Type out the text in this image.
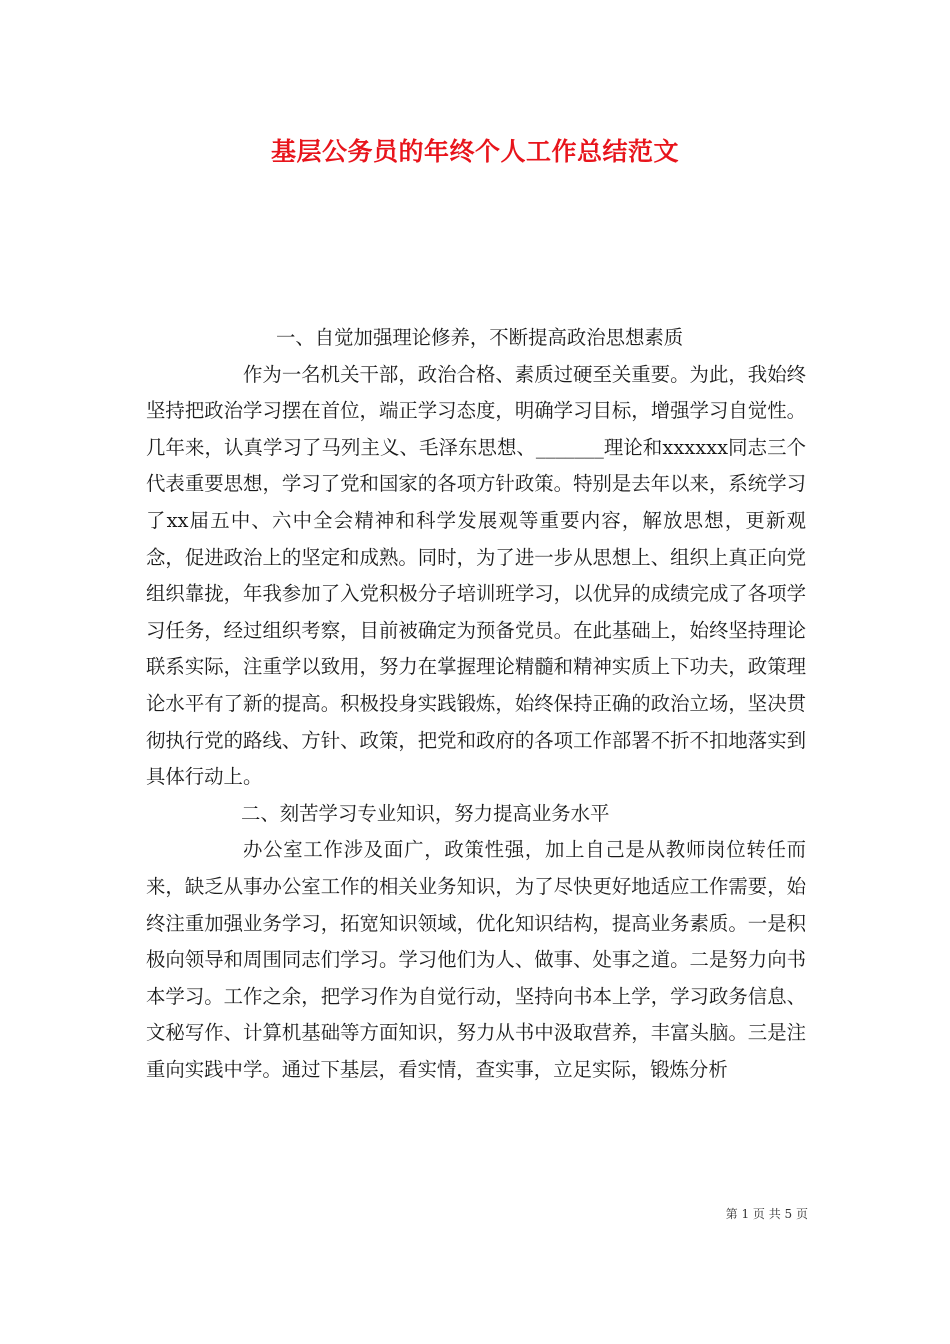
基层公务员的年终个人工作总结范文

一、自觉加强理论修养，不断提高政治思想素质

作为一名机关干部，政治合格、素质过硬至关重要。为此，我始终坚持把政治学习摆在首位，端正学习态度，明确学习目标，增强学习自觉性。几年来，认真学习了马列主义、毛泽东思想、_______理论和xxxxxx同志三个代表重要思想，学习了党和国家的各项方针政策。特别是去年以来，系统学习了xx届五中、六中全会精神和科学发展观等重要内容，解放思想，更新观念，促进政治上的坚定和成熟。同时，为了进一步从思想上、组织上真正向党组织靠拢，年我参加了入党积极分子培训班学习，以优异的成绩完成了各项学习任务，经过组织考察，目前被确定为预备党员。在此基础上，始终坚持理论联系实际，注重学以致用，努力在掌握理论精髓和精神实质上下功夫，政策理论水平有了新的提高。积极投身实践锻炼，始终保持正确的政治立场，坚决贯彻执行党的路线、方针、政策，把党和政府的各项工作部署不折不扣地落实到具体行动上。

二、刻苦学习专业知识，努力提高业务水平

办公室工作涉及面广，政策性强，加上自己是从教师岗位转任而来，缺乏从事办公室工作的相关业务知识，为了尽快更好地适应工作需要，始终注重加强业务学习，拓宽知识领域，优化知识结构，提高业务素质。一是积极向领导和周围同志们学习。学习他们为人、做事、处事之道。二是努力向书本学习。工作之余，把学习作为自觉行动，坚持向书本上学，学习政务信息、文秘写作、计算机基础等方面知识，努力从书中汲取营养，丰富头脑。三是注重向实践中学。通过下基层，看实情，查实事，立足实际，锻炼分析

第 1 页 共 5 页
